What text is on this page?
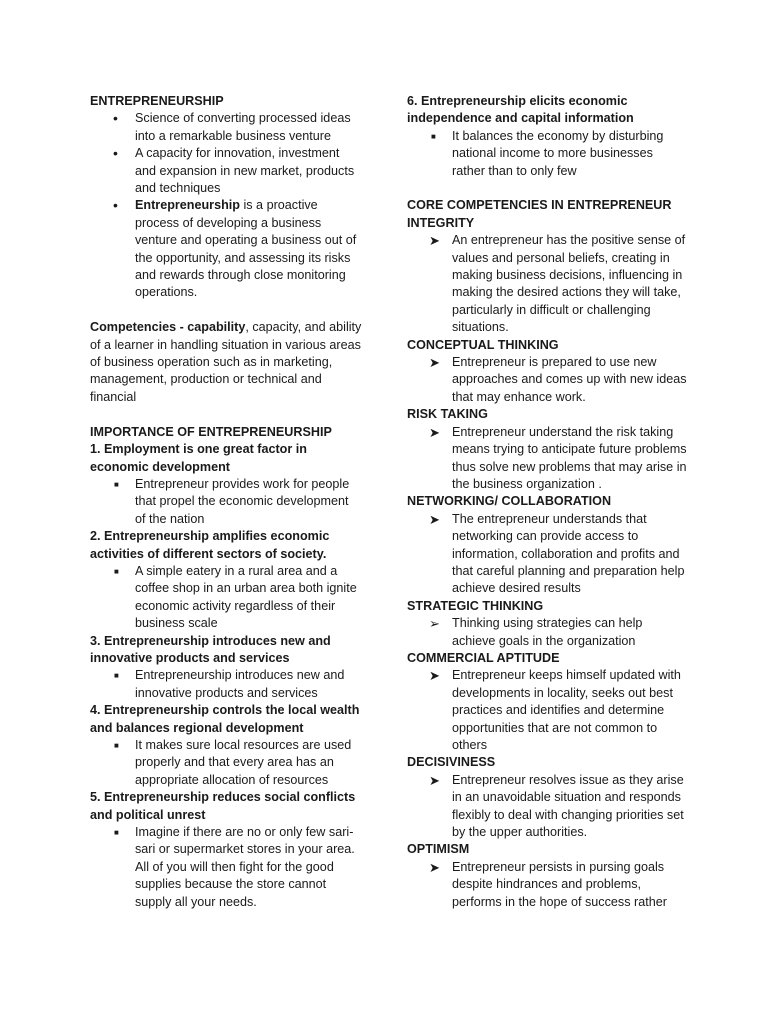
ENTREPRENEURSHIP

• Science of converting processed ideas into a remarkable business venture
• A capacity for innovation, investment and expansion in new market, products and techniques
• Entrepreneurship is a proactive process of developing a business venture and operating a business out of the opportunity, and assessing its risks and rewards through close monitoring operations.

Competencies - capability, capacity, and ability of a learner in handling situation in various areas of business operation such as in marketing, management, production or technical and financial

IMPORTANCE OF ENTREPRENEURSHIP

1. Employment is one great factor in economic development

■ Entrepreneur provides work for people that propel the economic development of the nation

2. Entrepreneurship amplifies economic activities of different sectors of society.

■ A simple eatery in a rural area and a coffee shop in an urban area both ignite economic activity regardless of their business scale

3. Entrepreneurship introduces new and innovative products and services

■ Entrepreneurship introduces new and innovative products and services

4. Entrepreneurship controls the local wealth and balances regional development

■ It makes sure local resources are used properly and that every area has an appropriate allocation of resources

5. Entrepreneurship reduces social conflicts and political unrest

■ Imagine if there are no or only few sari-sari or supermarket stores in your area. All of you will then fight for the good supplies because the store cannot supply all your needs.

6. Entrepreneurship elicits economic independence and capital information

■ It balances the economy by disturbing national income to more businesses rather than to only few

CORE COMPETENCIES IN ENTREPRENEUR

INTEGRITY

➤ An entrepreneur has the positive sense of values and personal beliefs, creating in making business decisions, influencing in making the desired actions they will take, particularly in difficult or challenging situations.

CONCEPTUAL THINKING

➤ Entrepreneur is prepared to use new approaches and comes up with new ideas that may enhance work.

RISK TAKING

➤ Entrepreneur understand the risk taking means trying to anticipate future problems thus solve new problems that may arise in the business organization .

NETWORKING/ COLLABORATION

➤ The entrepreneur understands that networking can provide access to information, collaboration and profits and that careful planning and preparation help achieve desired results

STRATEGIC THINKING

➢ Thinking using strategies can help achieve goals in the organization

COMMERCIAL APTITUDE

➤ Entrepreneur keeps himself updated with developments in locality, seeks out best practices and identifies and determine opportunities that are not common to others

DECISIVINESS

➤ Entrepreneur resolves issue as they arise in an unavoidable situation and responds flexibly to deal with changing priorities set by the upper authorities.

OPTIMISM

➤ Entrepreneur persists in pursing goals despite hindrances and problems, performs in the hope of success rather
